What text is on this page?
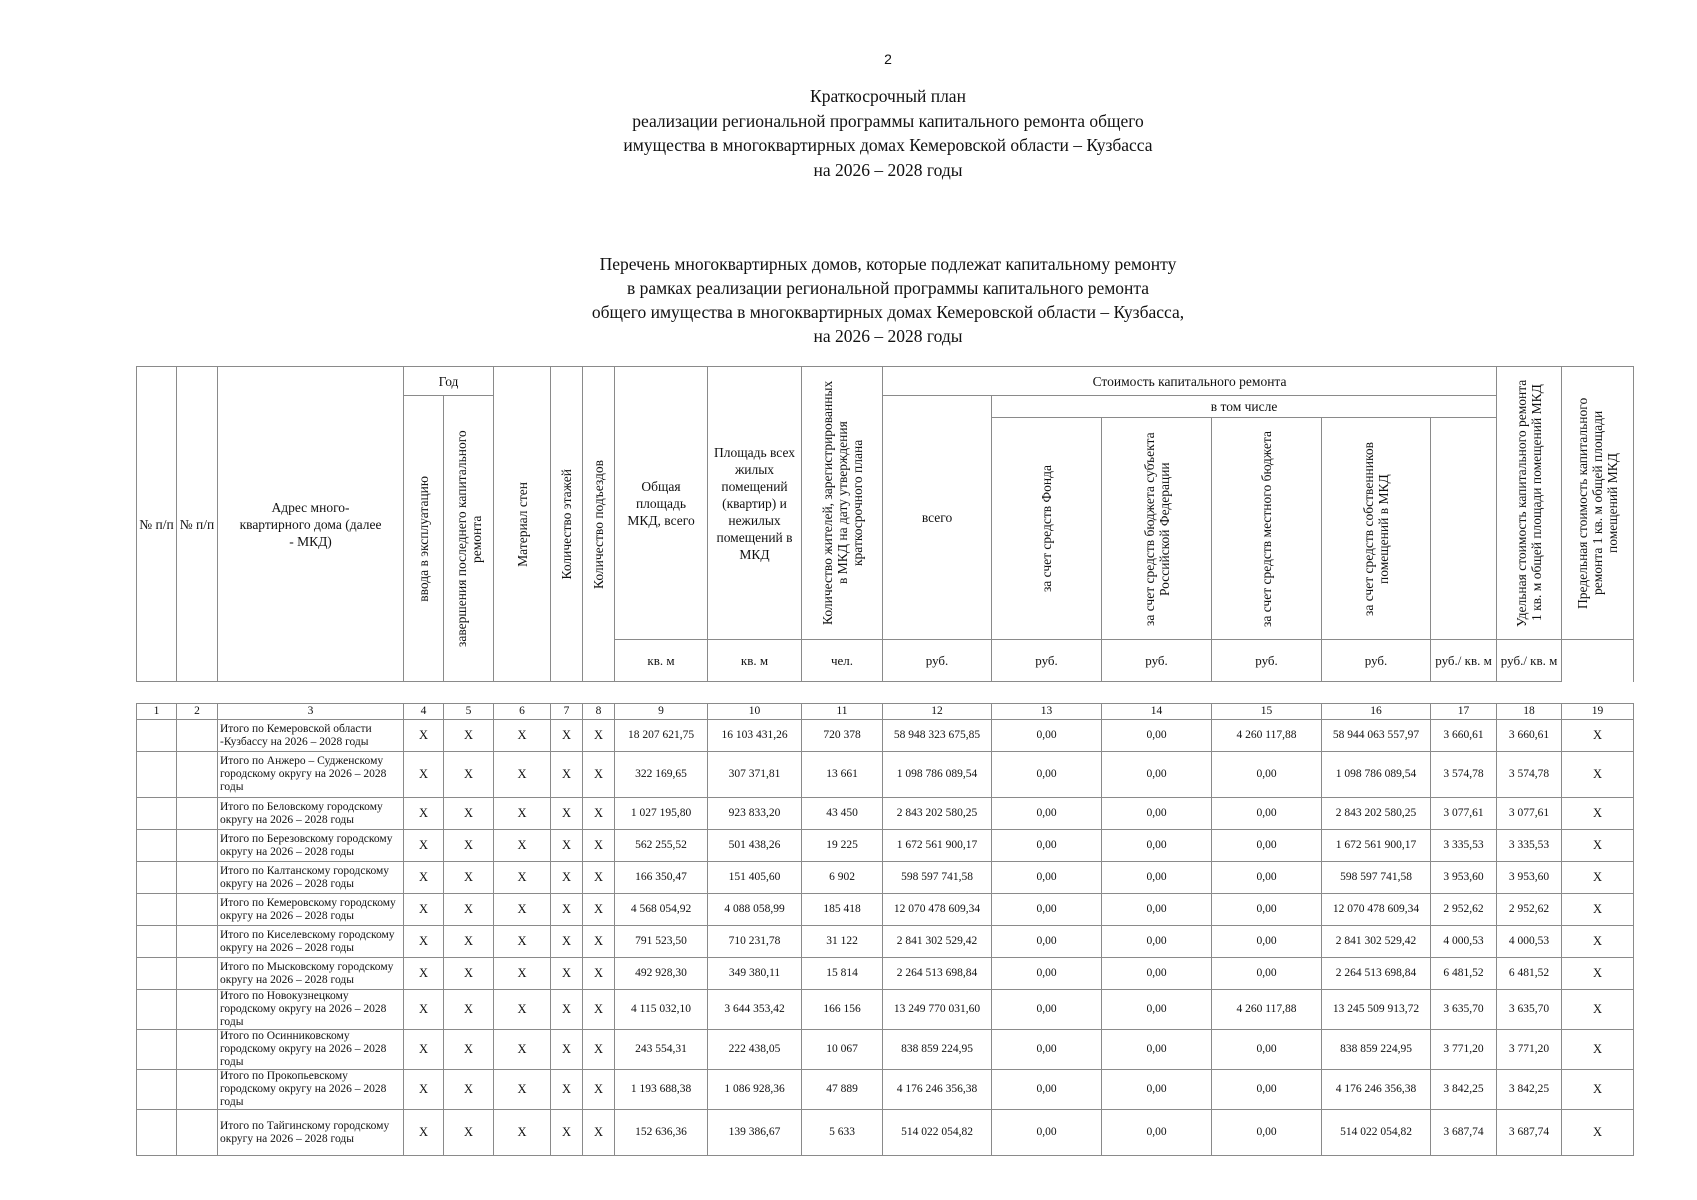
2
Краткосрочный план
реализации региональной программы капитального ремонта общего
имущества в многоквартирных домах Кемеровской области – Кузбасса
на 2026 – 2028 годы
Перечень многоквартирных домов, которые подлежат капитальному ремонту
в рамках реализации региональной программы капитального ремонта
общего имущества в многоквартирных домах Кемеровской области – Кузбасса,
на 2026 – 2028 годы
№ п/п	№ п/п	Адрес много-квартирного дома (далее - МКД)	Год		Материал стен	Количество этажей	Количество подъездов	Общая площадь МКД, всего	Площадь всех жилых помещений (квартир) и нежилых помещений в МКД	Количество жителей, зарегистрированных в МКД на дату утверждения краткосрочного плана	Стоимость капитального ремонта						Удельная стоимость капитального ремонта 1 кв. м общей площади помещений МКД	Предельная стоимость капитального ремонта 1 кв. м общей площади помещений МКД

			ввода в эксплуатацию	завершения последнего капитального ремонта							всего	в том числе							

												за счет средств Фонда	за счет средств бюджета субъекта Российской Федерации	за счет средств местного бюджета	за счет средств собственников помещений в МКД				

								кв. м	кв. м	чел.	руб.	руб.	руб.	руб.	руб.	руб./ кв. м	руб./ кв. м		
1	2	3	4	5	6	7	8	9	10	11	12	13	14	15	16	17	18	19
		Итого по Кемеровской области -Кузбассу на 2026 – 2028 годы	X	X	X	X	X	18 207 621,75	16 103 431,26	720 378	58 948 323 675,85	0,00	0,00	4 260 117,88	58 944 063 557,97	3 660,61	3 660,61	X
		Итого по Анжеро – Судженскому городскому округу на 2026 – 2028 годы	X	X	X	X	X	322 169,65	307 371,81	13 661	1 098 786 089,54	0,00	0,00	0,00	1 098 786 089,54	3 574,78	3 574,78	X
		Итого по Беловскому городскому округу на 2026 – 2028 годы	X	X	X	X	X	1 027 195,80	923 833,20	43 450	2 843 202 580,25	0,00	0,00	0,00	2 843 202 580,25	3 077,61	3 077,61	X
		Итого по Березовскому городскому округу на 2026 – 2028 годы	X	X	X	X	X	562 255,52	501 438,26	19 225	1 672 561 900,17	0,00	0,00	0,00	1 672 561 900,17	3 335,53	3 335,53	X
		Итого по Калтанскому городскому округу на 2026 – 2028 годы	X	X	X	X	X	166 350,47	151 405,60	6 902	598 597 741,58	0,00	0,00	0,00	598 597 741,58	3 953,60	3 953,60	X
		Итого по Кемеровскому городскому округу на 2026 – 2028 годы	X	X	X	X	X	4 568 054,92	4 088 058,99	185 418	12 070 478 609,34	0,00	0,00	0,00	12 070 478 609,34	2 952,62	2 952,62	X
		Итого по Киселевскому городскому округу на 2026 – 2028 годы	X	X	X	X	X	791 523,50	710 231,78	31 122	2 841 302 529,42	0,00	0,00	0,00	2 841 302 529,42	4 000,53	4 000,53	X
		Итого по Мысковскому городскому округу на 2026 – 2028 годы	X	X	X	X	X	492 928,30	349 380,11	15 814	2 264 513 698,84	0,00	0,00	0,00	2 264 513 698,84	6 481,52	6 481,52	X
		Итого по Новокузнецкому городскому округу на 2026 – 2028 годы	X	X	X	X	X	4 115 032,10	3 644 353,42	166 156	13 249 770 031,60	0,00	0,00	4 260 117,88	13 245 509 913,72	3 635,70	3 635,70	X
		Итого по Осинниковскому городскому округу на 2026 – 2028 годы	X	X	X	X	X	243 554,31	222 438,05	10 067	838 859 224,95	0,00	0,00	0,00	838 859 224,95	3 771,20	3 771,20	X
		Итого по Прокопьевскому городскому округу на 2026 – 2028 годы	X	X	X	X	X	1 193 688,38	1 086 928,36	47 889	4 176 246 356,38	0,00	0,00	0,00	4 176 246 356,38	3 842,25	3 842,25	X
		Итого по Тайгинскому городскому округу на 2026 – 2028 годы	X	X	X	X	X	152 636,36	139 386,67	5 633	514 022 054,82	0,00	0,00	0,00	514 022 054,82	3 687,74	3 687,74	X
